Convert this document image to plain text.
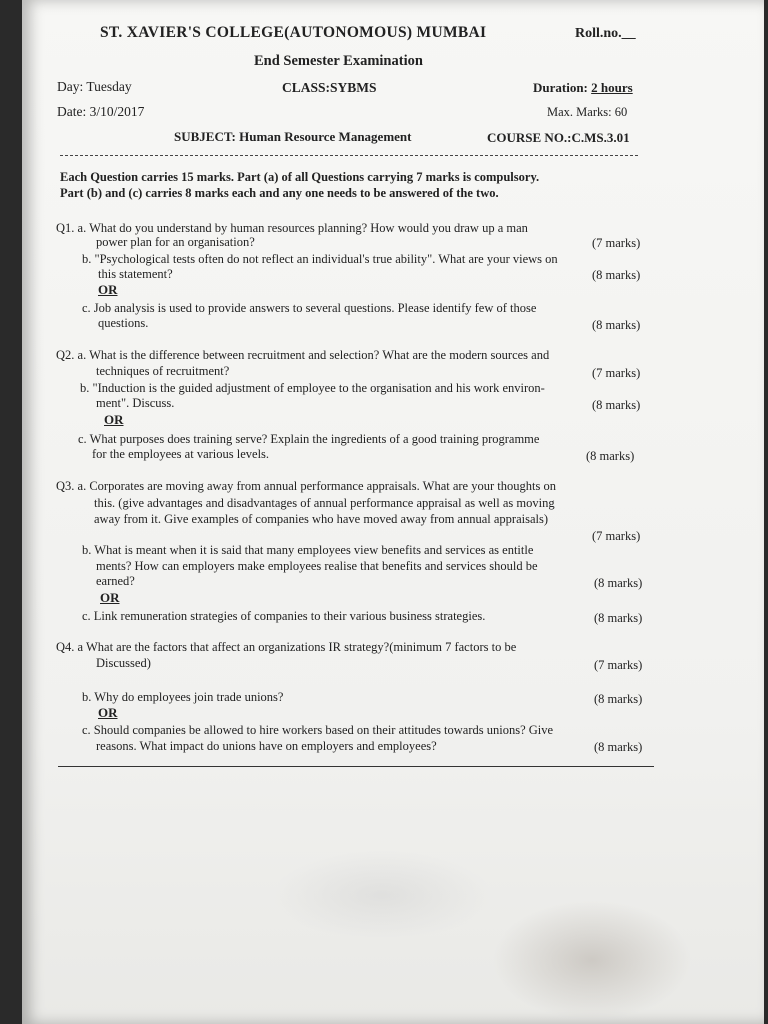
ST. XAVIER'S COLLEGE(AUTONOMOUS) MUMBAI	Roll.no.__
End Semester Examination
Day: Tuesday	CLASS:SYBMS	Duration: 2 hours
Date: 3/10/2017	Max. Marks: 60
SUBJECT: Human Resource Management	COURSE NO.:C.MS.3.01
Each Question carries 15 marks. Part (a) of all Questions carrying 7 marks is compulsory.
Part (b) and (c) carries 8 marks each and any one needs to be answered of the two.
Q1. a. What do you understand by human resources planning? How would you draw up a man
power plan for an organisation?	(7 marks)
b. "Psychological tests often do not reflect an individual's true ability". What are your views on
this statement?	(8 marks)
OR
c. Job analysis is used to provide answers to several questions. Please identify few of those
questions.	(8 marks)
Q2. a. What is the difference between recruitment and selection? What are the modern sources and
techniques of recruitment?	(7 marks)
b. "Induction is the guided adjustment of employee to the organisation and his work environ-
ment". Discuss.	(8 marks)
OR
c. What purposes does training serve? Explain the ingredients of a good training programme
for the employees at various levels.	(8 marks)
Q3. a. Corporates are moving away from annual performance appraisals. What are your thoughts on
this. (give advantages and disadvantages of annual performance appraisal as well as moving
away from it. Give examples of companies who have moved away from annual appraisals)
(7 marks)
b. What is meant when it is said that many employees view benefits and services as entitle
ments? How can employers make employees realise that benefits and services should be
earned?	(8 marks)
OR
c. Link remuneration strategies of companies to their various business strategies.	(8 marks)
Q4. a What are the factors that affect an organizations IR strategy?(minimum 7 factors to be
Discussed)	(7 marks)
b. Why do employees join trade unions?	(8 marks)
OR
c. Should companies be allowed to hire workers based on their attitudes towards unions? Give
reasons. What impact do unions have on employers and employees?	(8 marks)
